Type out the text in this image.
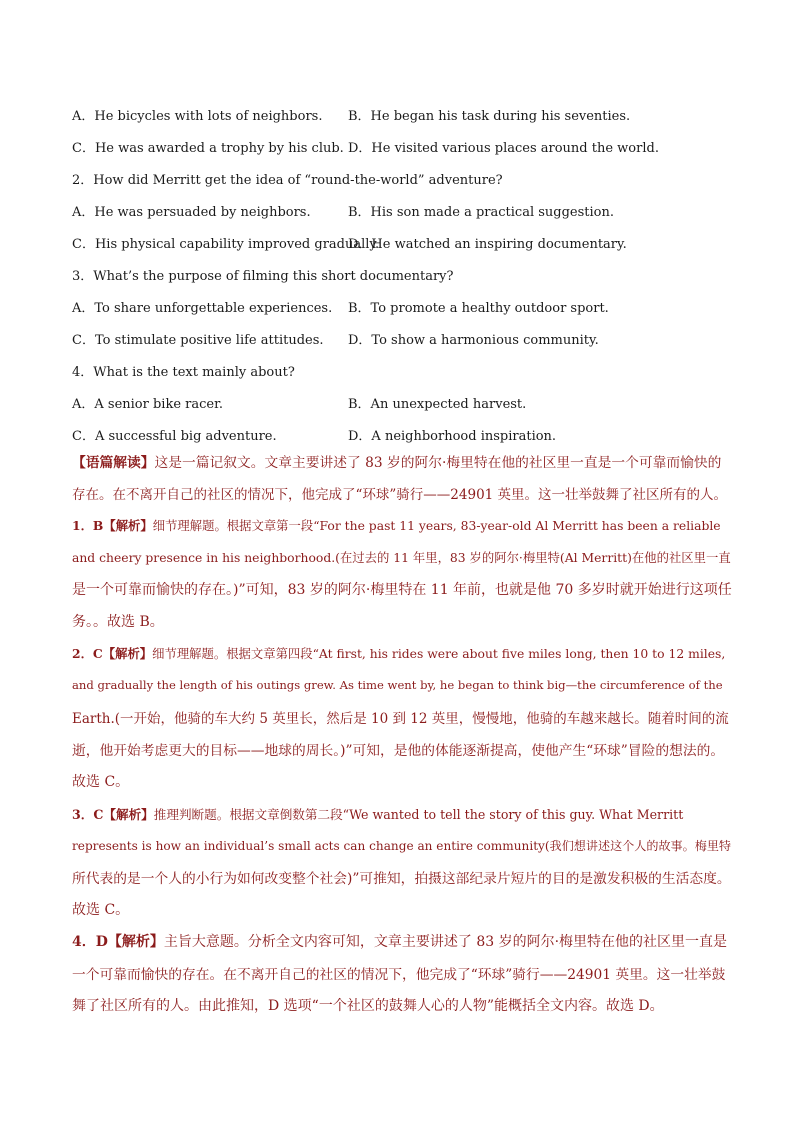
A．He bicycles with lots of neighbors.	B．He began his task during his seventies.
C．He was awarded a trophy by his club. D．He visited various places around the world.
2．How did Merritt get the idea of “round-the-world” adventure?
A．He was persuaded by neighbors.	B．His son made a practical suggestion.
C．His physical capability improved gradually.
D．He watched an inspiring documentary.
3．What’s the purpose of filming this short documentary?
A．To share unforgettable experiences.	B．To promote a healthy outdoor sport.
C．To stimulate positive life attitudes.	D．To show a harmonious community.
4．What is the text mainly about?
A．A senior bike racer.	B．An unexpected harvest.
C．A successful big adventure.	D．A neighborhood inspiration.
【语篇解读】 这是一篇记叙文。文章主要讲述了 83 岁的阿尔·梅里特在他的社区里一直是一个可靠而愉快的
存在。在不离开自己的社区的情况下，他完成了“环球”骑行——24901 英里。这一壮举鼓舞了社区所有的人。
1．B 【解析】 细节理解题。根据文章第一段“For the past 11 years, 83-year-old Al Merritt has been a reliable
and cheery presence in his neighborhood.(在过去的 11 年里，83 岁的阿尔·梅里特(Al Merritt)在他的社区里一直
是一个可靠而愉快的存在。)”可知，83 岁的阿尔·梅里特在 11 年前，也就是他 70 多岁时就开始进行这项任
务。。故选 B。
2．C 【解析】 细节理解题。根据文章第四段“At first, his rides were about five miles long, then 10 to 12 miles,
and gradually the length of his outings grew. As time went by, he began to think big—the circumference of the
Earth.(一开始，他骑的车大约 5 英里长，然后是 10 到 12 英里，慢慢地，他骑的车越来越长。随着时间的流
逝，他开始考虑更大的目标——地球的周长。)”可知，是他的体能逐渐提高，使他产生“环球”冒险的想法的。
故选 C。
3．C 【解析】 推理判断题。根据文章倒数第二段“We wanted to tell the story of this guy. What Merritt
represents is how an individual’s small acts can change an entire community(我们想讲述这个人的故事。梅里特
所代表的是一个人的小行为如何改变整个社会)”可推知，拍摄这部纪录片短片的目的是激发积极的生活态度。
故选 C。
4．D 【解析】 主旨大意题。分析全文内容可知，文章主要讲述了 83 岁的阿尔·梅里特在他的社区里一直是
一个可靠而愉快的存在。在不离开自己的社区的情况下，他完成了“环球”骑行——24901 英里。这一壮举鼓
舞了社区所有的人。由此推知，D 选项“一个社区的鼓舞人心的人物”能概括全文内容。故选 D。
